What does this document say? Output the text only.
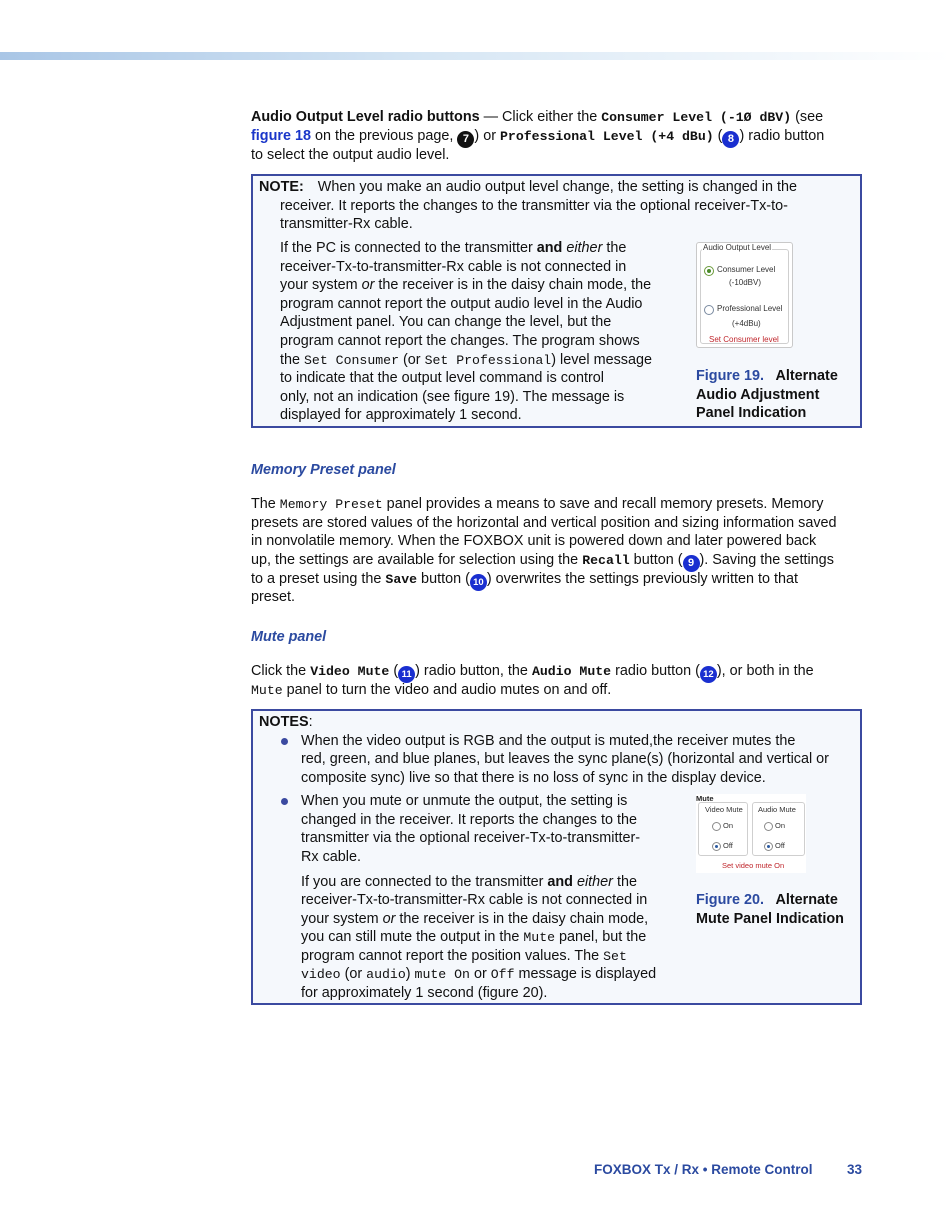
Audio Output Level radio buttons — Click either the Consumer Level (-1Ø dBV) (see
figure 18 on the previous page, 7 ) or Professional Level (+4 dBu) ( 8 ) radio button
to select the output audio level.
NOTE: When you make an audio output level change, the setting is changed in the
receiver. It reports the changes to the transmitter via the optional receiver-Tx-to-
transmitter-Rx cable.
If the PC is connected to the transmitter and either the
receiver-Tx-to-transmitter-Rx cable is not connected in
your system or the receiver is in the daisy chain mode, the
program cannot report the output audio level in the Audio
Adjustment panel. You can change the level, but the
program cannot report the changes. The program shows
the Set Consumer (or Set Professional) level message
to indicate that the output level command is control
only, not an indication (see figure 19). The message is
displayed for approximately 1 second.
Audio Output Level
Consumer Level
(-10dBV)
Professional Level
(+4dBu)
Set Consumer level
Figure 19. Alternate
Audio Adjustment
Panel Indication
Memory Preset panel
The Memory Preset panel provides a means to save and recall memory presets. Memory
presets are stored values of the horizontal and vertical position and sizing information saved
in nonvolatile memory. When the FOXBOX unit is powered down and later powered back
up, the settings are available for selection using the Recall button ( 9 ). Saving the settings
to a preset using the Save button ( 10 ) overwrites the settings previously written to that
preset.
Mute panel
Click the Video Mute ( 11 ) radio button, the Audio Mute radio button ( 12 ), or both in the
Mute panel to turn the video and audio mutes on and off.
NOTES:
When the video output is RGB and the output is muted,the receiver mutes the
red, green, and blue planes, but leaves the sync plane(s) (horizontal and vertical or
composite sync) live so that there is no loss of sync in the display device.
When you mute or unmute the output, the setting is
changed in the receiver. It reports the changes to the
transmitter via the optional receiver-Tx-to-transmitter-
Rx cable.
If you are connected to the transmitter and either the
receiver-Tx-to-transmitter-Rx cable is not connected in
your system or the receiver is in the daisy chain mode,
you can still mute the output in the Mute panel, but the
program cannot report the position values. The Set
video (or audio) mute On or Off message is displayed
for approximately 1 second (figure 20).
Mute
Video Mute Audio Mute
On
Off
On
Off
Set video mute On
Figure 20. Alternate
Mute Panel Indication
FOXBOX Tx / Rx • Remote Control	33
